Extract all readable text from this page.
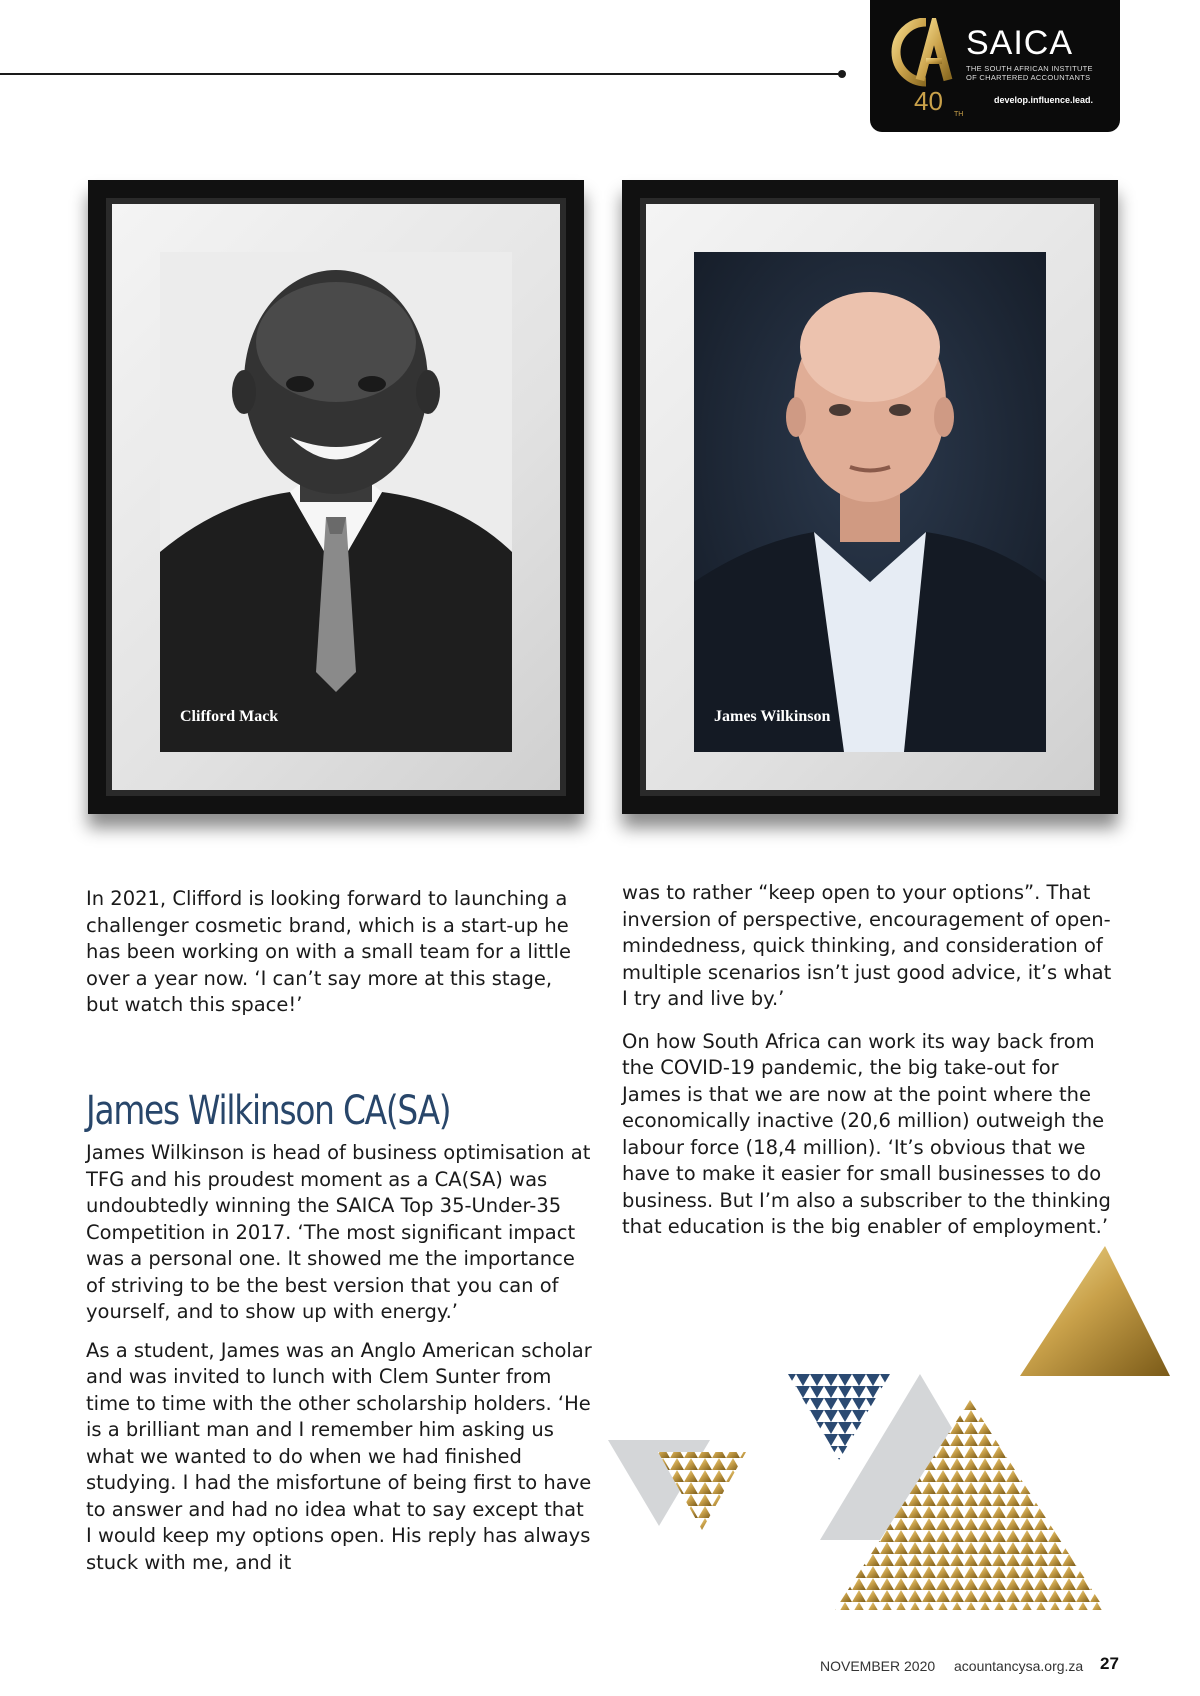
SAICA
THE SOUTH AFRICAN INSTITUTE OF CHARTERED ACCOUNTANTS
40 TH
develop.influence.lead.
Clifford Mack	James Wilkinson

In 2021, Clifford is looking forward to launching a challenger cosmetic brand, which is a start-up he has been working on with a small team for a little over a year now. ‘I can’t say more at this stage, but watch this space!’

James Wilkinson CA(SA)

James Wilkinson is head of business optimisation at TFG and his proudest moment as a CA(SA) was undoubtedly winning the SAICA Top 35-Under-35 Competition in 2017. ‘The most significant impact was a personal one. It showed me the importance of striving to be the best version that you can of yourself, and to show up with energy.’

As a student, James was an Anglo American scholar and was invited to lunch with Clem Sunter from time to time with the other scholarship holders. ‘He is a brilliant man and I remember him asking us what we wanted to do when we had finished studying. I had the misfortune of being first to have to answer and had no idea what to say except that I would keep my options open. His reply has always stuck with me, and it

was to rather “keep open to your options”. That inversion of perspective, encouragement of open-mindedness, quick thinking, and consideration of multiple scenarios isn’t just good advice, it’s what I try and live by.’

On how South Africa can work its way back from the COVID-19 pandemic, the big take-out for James is that we are now at the point where the economically inactive (20,6 million) outweigh the labour force (18,4 million). ‘It’s obvious that we have to make it easier for small businesses to do business. But I’m also a subscriber to the thinking that education is the big enabler of employment.’

NOVEMBER 2020 acountancysa.org.za 27
